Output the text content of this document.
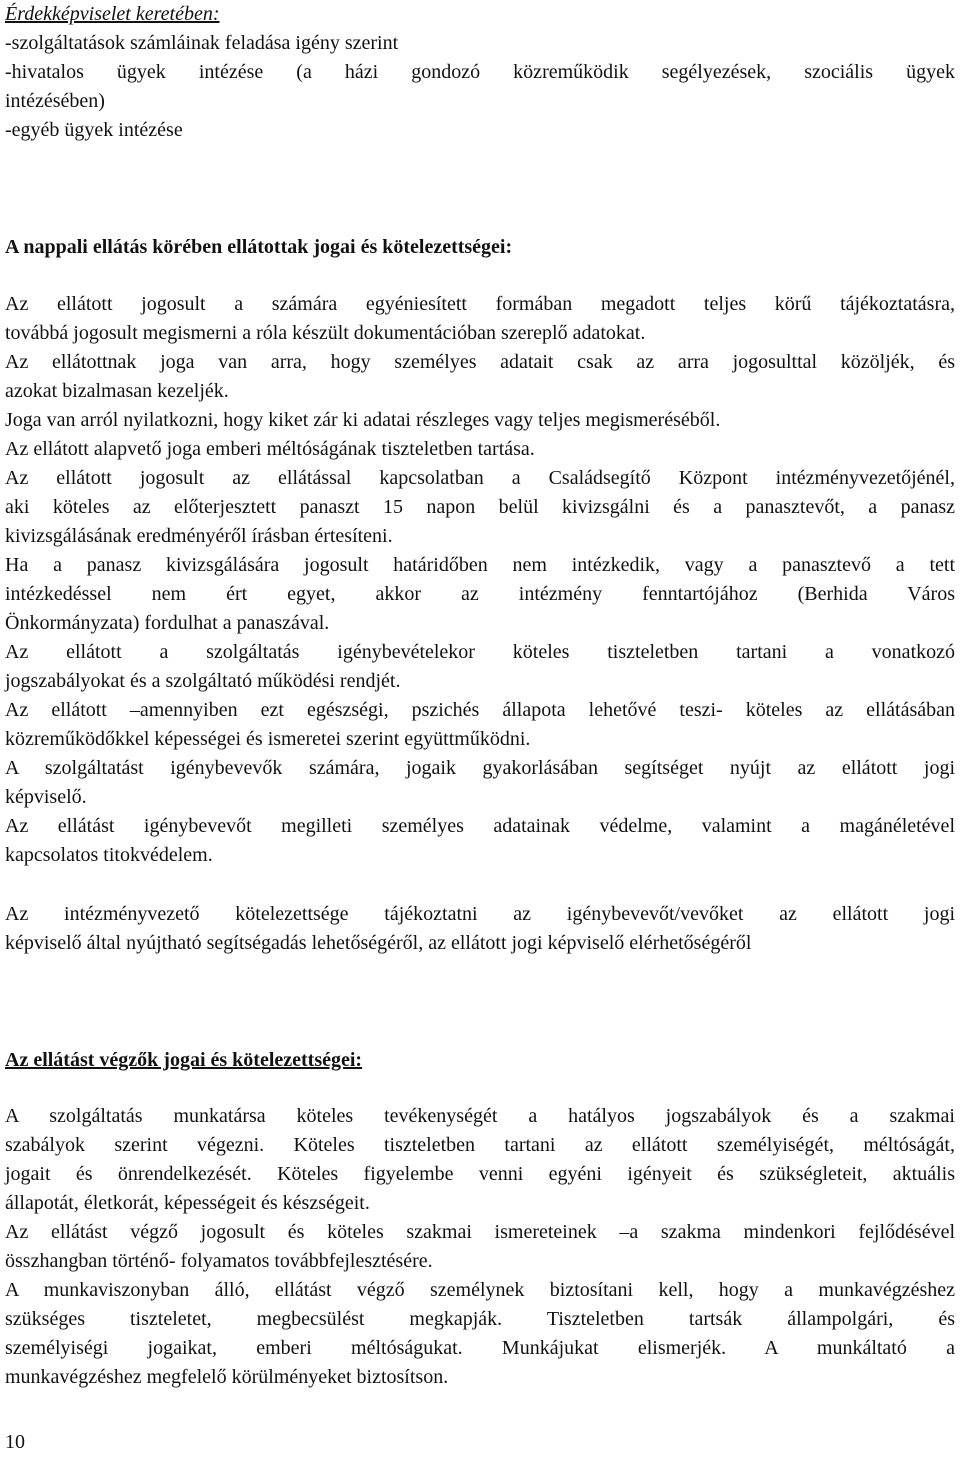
Érdekképviselet keretében:
-szolgáltatások számláinak feladása igény szerint
-hivatalos ügyek intézése (a házi gondozó közreműködik segélyezések, szociális ügyek
intézésében)
-egyéb ügyek intézése
A nappali ellátás körében ellátottak jogai és kötelezettségei:
Az ellátott jogosult a számára egyéniesített formában megadott teljes körű tájékoztatásra,
továbbá jogosult megismerni a róla készült dokumentációban szereplő adatokat.
Az ellátottnak joga van arra, hogy személyes adatait csak az arra jogosulttal közöljék, és
azokat bizalmasan kezeljék.
Joga van arról nyilatkozni, hogy kiket zár ki adatai részleges vagy teljes megismeréséből.
Az ellátott alapvető joga emberi méltóságának tiszteletben tartása.
Az ellátott jogosult az ellátással kapcsolatban a Családsegítő Központ intézményvezetőjénél,
aki köteles az előterjesztett panaszt 15 napon belül kivizsgálni és a panasztevőt, a panasz
kivizsgálásának eredményéről írásban értesíteni.
Ha a panasz kivizsgálására jogosult határidőben nem intézkedik, vagy a panasztevő a tett
intézkedéssel nem ért egyet, akkor az intézmény fenntartójához (Berhida Város
Önkormányzata) fordulhat a panaszával.
Az ellátott a szolgáltatás igénybevételekor köteles tiszteletben tartani a vonatkozó
jogszabályokat és a szolgáltató működési rendjét.
Az ellátott –amennyiben ezt egészségi, pszichés állapota lehetővé teszi- köteles az ellátásában
közreműködőkkel képességei és ismeretei szerint együttműködni.
A szolgáltatást igénybevevők számára, jogaik gyakorlásában segítséget nyújt az ellátott jogi
képviselő.
Az ellátást igénybevevőt megilleti személyes adatainak védelme, valamint a magánéletével
kapcsolatos titokvédelem.
Az intézményvezető kötelezettsége tájékoztatni az igénybevevőt/vevőket az ellátott jogi
képviselő által nyújtható segítségadás lehetőségéről, az ellátott jogi képviselő elérhetőségéről
Az ellátást végzők jogai és kötelezettségei:
A szolgáltatás munkatársa köteles tevékenységét a hatályos jogszabályok és a szakmai
szabályok szerint végezni. Köteles tiszteletben tartani az ellátott személyiségét, méltóságát,
jogait és önrendelkezését. Köteles figyelembe venni egyéni igényeit és szükségleteit, aktuális
állapotát, életkorát, képességeit és készségeit.
Az ellátást végző jogosult és köteles szakmai ismereteinek –a szakma mindenkori fejlődésével
összhangban történő- folyamatos továbbfejlesztésére.
A munkaviszonyban álló, ellátást végző személynek biztosítani kell, hogy a munkavégzéshez
szükséges tiszteletet, megbecsülést megkapják. Tiszteletben tartsák állampolgári, és
személyiségi jogaikat, emberi méltóságukat. Munkájukat elismerjék. A munkáltató a
munkavégzéshez megfelelő körülményeket biztosítson.
10
